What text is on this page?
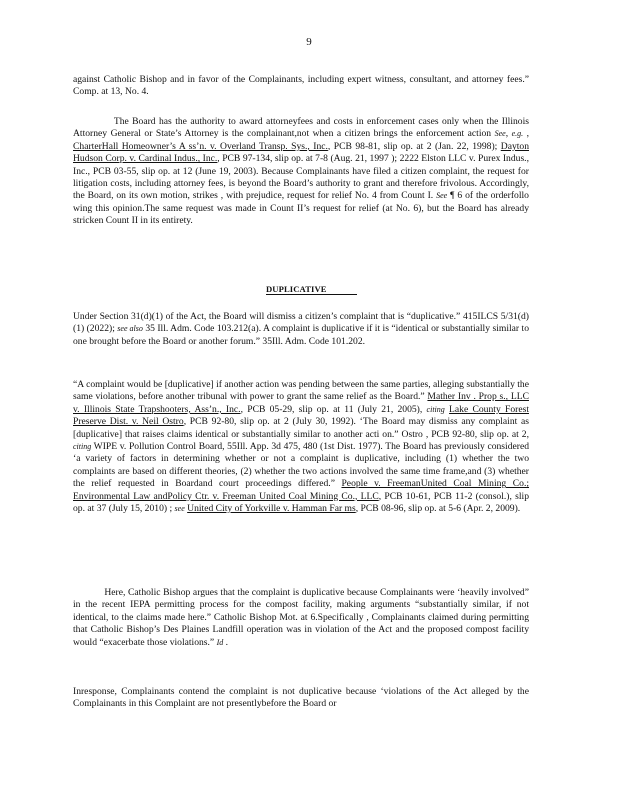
9

against Catholic Bishop and in favor of the Complainants, including expert witness, consultant, and attorney fees.” Comp. at 13, No. 4.

The Board has the authority to award attorneyfees and costs in enforcement cases only when the Illinois Attorney General or State’s Attorney is the complainant,not when a citizen brings the enforcement action See, e.g. , CharterHall Homeowner’s A ss’n. v. Overland Transp. Sys., Inc., PCB 98-81, slip op. at 2 (Jan. 22, 1998); Dayton Hudson Corp. v. Cardinal Indus., Inc., PCB 97-134, slip op. at 7-8 (Aug. 21, 1997 ); 2222 Elston LLC v. Purex Indus., Inc., PCB 03-55, slip op. at 12 (June 19, 2003). Because Complainants have filed a citizen complaint, the request for litigation costs, including attorney fees, is beyond the Board’s authority to grant and therefore frivolous. Accordingly, the Board, on its own motion, strikes , with prejudice, request for relief No. 4 from Count I. See ¶ 6 of the orderfollo wing this opinion.The same request was made in Count II’s request for relief (at No. 6), but the Board has already stricken Count II in its entirety.

DUPLICATIVE

Under Section 31(d)(1) of the Act, the Board will dismiss a citizen’s complaint that is “duplicative.” 415ILCS 5/31(d)(1) (2022); see also 35 Ill. Adm. Code 103.212(a). A complaint is duplicative if it is “identical or substantially similar to one brought before the Board or another forum.” 35Ill. Adm. Code 101.202.

“A complaint would be [duplicative] if another action was pending between the same parties, alleging substantially the same violations, before another tribunal with power to grant the same relief as the Board.” Mather Inv . Prop s., LLC v. Illinois State Trapshooters, Ass’n., Inc., PCB 05-29, slip op. at 11 (July 21, 2005), citing Lake County Forest Preserve Dist. v. Neil Ostro, PCB 92-80, slip op. at 2 (July 30, 1992). ‘The Board may dismiss any complaint as [duplicative] that raises claims identical or substantially similar to another acti on.” Ostro , PCB 92-80, slip op. at 2, citing WIPE v. Pollution Control Board, 55Ill. App. 3d 475, 480 (1st Dist. 1977). The Board has previously considered ‘a variety of factors in determining whether or not a complaint is duplicative, including (1) whether the two complaints are based on different theories, (2) whether the two actions involved the same time frame,and (3) whether the relief requested in Boardand court proceedings differed.” People v. FreemanUnited Coal Mining Co.; Environmental Law andPolicy Ctr. v. Freeman United Coal Mining Co., LLC, PCB 10-61, PCB 11-2 (consol.), slip op. at 37 (July 15, 2010) ; see United City of Yorkville v. Hamman Far ms, PCB 08-96, slip op. at 5-6 (Apr. 2, 2009).

Here, Catholic Bishop argues that the complaint is duplicative because Complainants were ‘heavily involved” in the recent IEPA permitting process for the compost facility, making arguments “substantially similar, if not identical, to the claims made here.” Catholic Bishop Mot. at 6.Specifically , Complainants claimed during permitting that Catholic Bishop’s Des Plaines Landfill operation was in violation of the Act and the proposed compost facility would “exacerbate those violations.” Id .

Inresponse, Complainants contend the complaint is not duplicative because ‘violations of the Act alleged by the Complainants in this Complaint are not presentlybefore the Board or
